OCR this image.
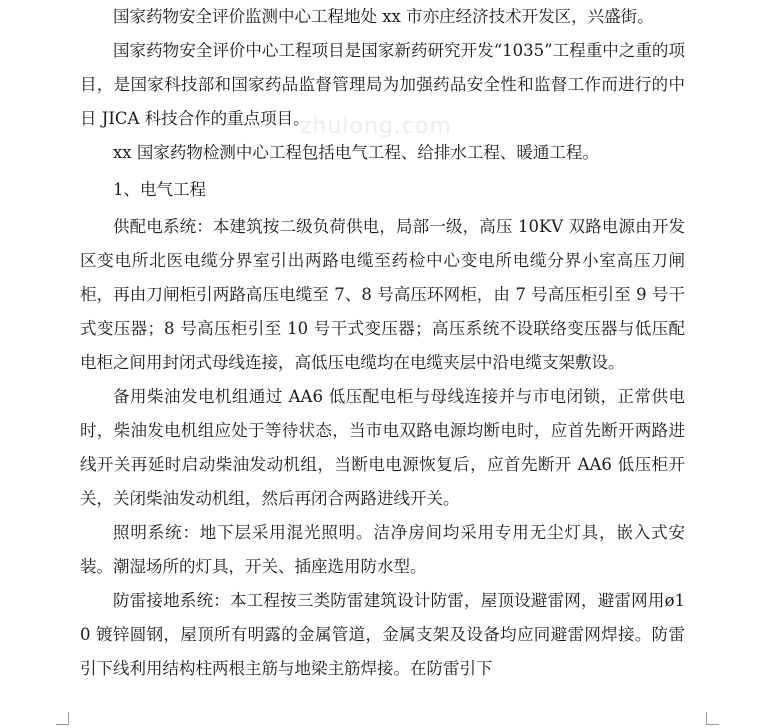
zhulong.com

国家药物安全评价监测中心工程地处 xx 市亦庄经济技术开发区，兴盛街。

国家药物安全评价中心工程项目是国家新药研究开发“1035”工程重中之重的项目，是国家科技部和国家药品监督管理局为加强药品安全性和监督工作而进行的中日 JICA 科技合作的重点项目。

xx 国家药物检测中心工程包括电气工程、给排水工程、暖通工程。

1、电气工程

供配电系统：本建筑按二级负荷供电，局部一级，高压 10KV 双路电源由开发区变电所北医电缆分界室引出两路电缆至药检中心变电所电缆分界小室高压刀闸柜，再由刀闸柜引两路高压电缆至 7、8 号高压环网柜，由 7 号高压柜引至 9 号干式变压器；8 号高压柜引至 10 号干式变压器；高压系统不设联络变压器与低压配电柜之间用封闭式母线连接，高低压电缆均在电缆夹层中沿电缆支架敷设。

备用柴油发电机组通过 AA6 低压配电柜与母线连接并与市电闭锁，正常供电时，柴油发电机组应处于等待状态，当市电双路电源均断电时，应首先断开两路进线开关再延时启动柴油发动机组，当断电电源恢复后，应首先断开 AA6 低压柜开关，关闭柴油发动机组，然后再闭合两路进线开关。

照明系统：地下层采用混光照明。洁净房间均采用专用无尘灯具，嵌入式安装。潮湿场所的灯具，开关、插座选用防水型。

防雷接地系统：本工程按三类防雷建筑设计防雷，屋顶设避雷网，避雷网用ø10 镀锌圆钢，屋顶所有明露的金属管道，金属支架及设备均应同避雷网焊接。防雷引下线利用结构柱两根主筋与地梁主筋焊接。在防雷引下
